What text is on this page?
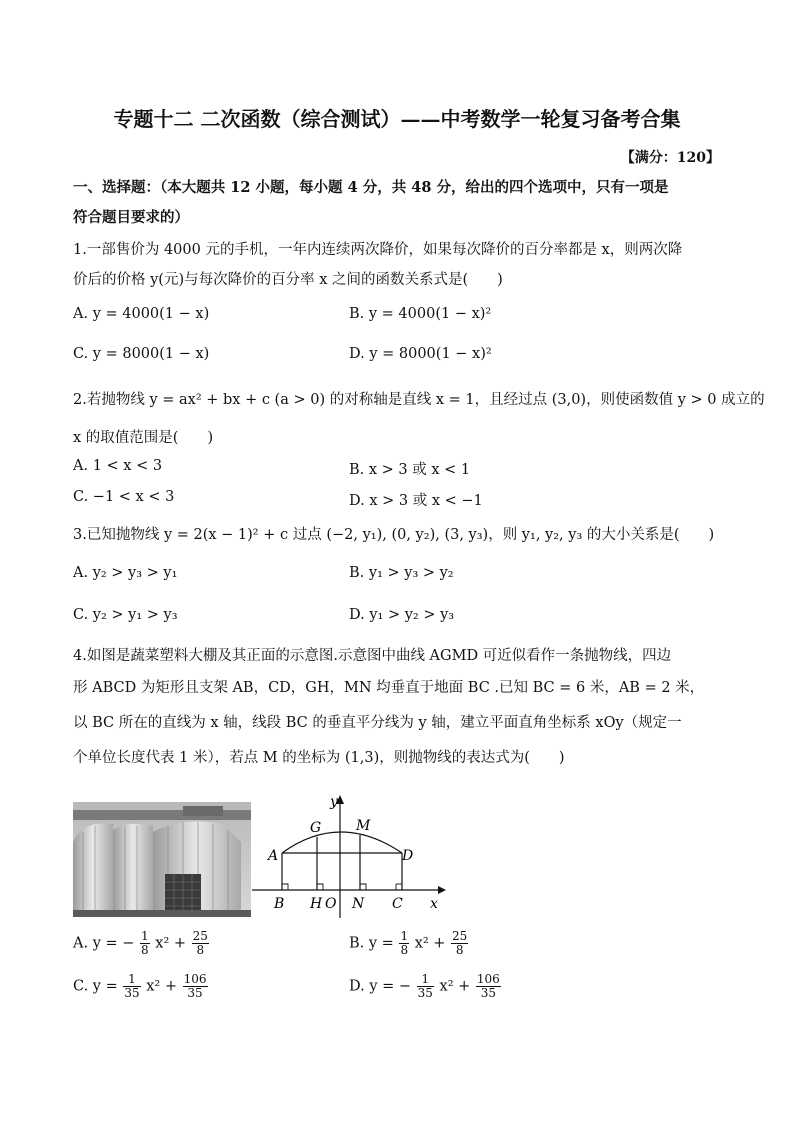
专题十二 二次函数（综合测试）——中考数学一轮复习备考合集
【满分：120】
一、选择题：（本大题共 12 小题，每小题 4 分，共 48 分，给出的四个选项中，只有一项是
符合题目要求的）
1.一部售价为 4000 元的手机，一年内连续两次降价，如果每次降价的百分率都是 x，则两次降
价后的价格 y(元)与每次降价的百分率 x 之间的函数关系式是(　　)
A. y = 4000(1 − x)	B. y = 4000(1 − x)²
C. y = 8000(1 − x)	D. y = 8000(1 − x)²
2.若抛物线 y = ax² + bx + c (a > 0) 的对称轴是直线 x = 1，且经过点 (3,0)，则使函数值 y > 0 成立的
x 的取值范围是(　　)
A. 1 < x < 3	B. x > 3 或 x < 1
C. −1 < x < 3	D. x > 3 或 x < −1
3.已知抛物线 y = 2(x − 1)² + c 过点 (−2, y₁), (0, y₂), (3, y₃)，则 y₁, y₂, y₃ 的大小关系是(　　)
A. y₂ > y₃ > y₁	B. y₁ > y₃ > y₂
C. y₂ > y₁ > y₃	D. y₁ > y₂ > y₃
4.如图是蔬菜塑料大棚及其正面的示意图.示意图中曲线 AGMD 可近似看作一条抛物线，四边
形 ABCD 为矩形且支架 AB，CD，GH，MN 均垂直于地面 BC .已知 BC = 6 米，AB = 2 米，
以 BC 所在的直线为 x 轴，线段 BC 的垂直平分线为 y 轴，建立平面直角坐标系 xOy（规定一
个单位长度代表 1 米），若点 M 的坐标为 (1,3)，则抛物线的表达式为(　　)
y
x
G M
A	D
B H O N C
A. y = − $\frac{1}{8} x^2 + \frac{25}{8}$	B. $y = \frac{1}{8} x^2 + \frac{25}{8}$
C. $y = \frac{1}{35} x^2 + \frac{106}{35}$	D. y = − $\frac{1}{35} x^2 + \frac{106}{35}$
